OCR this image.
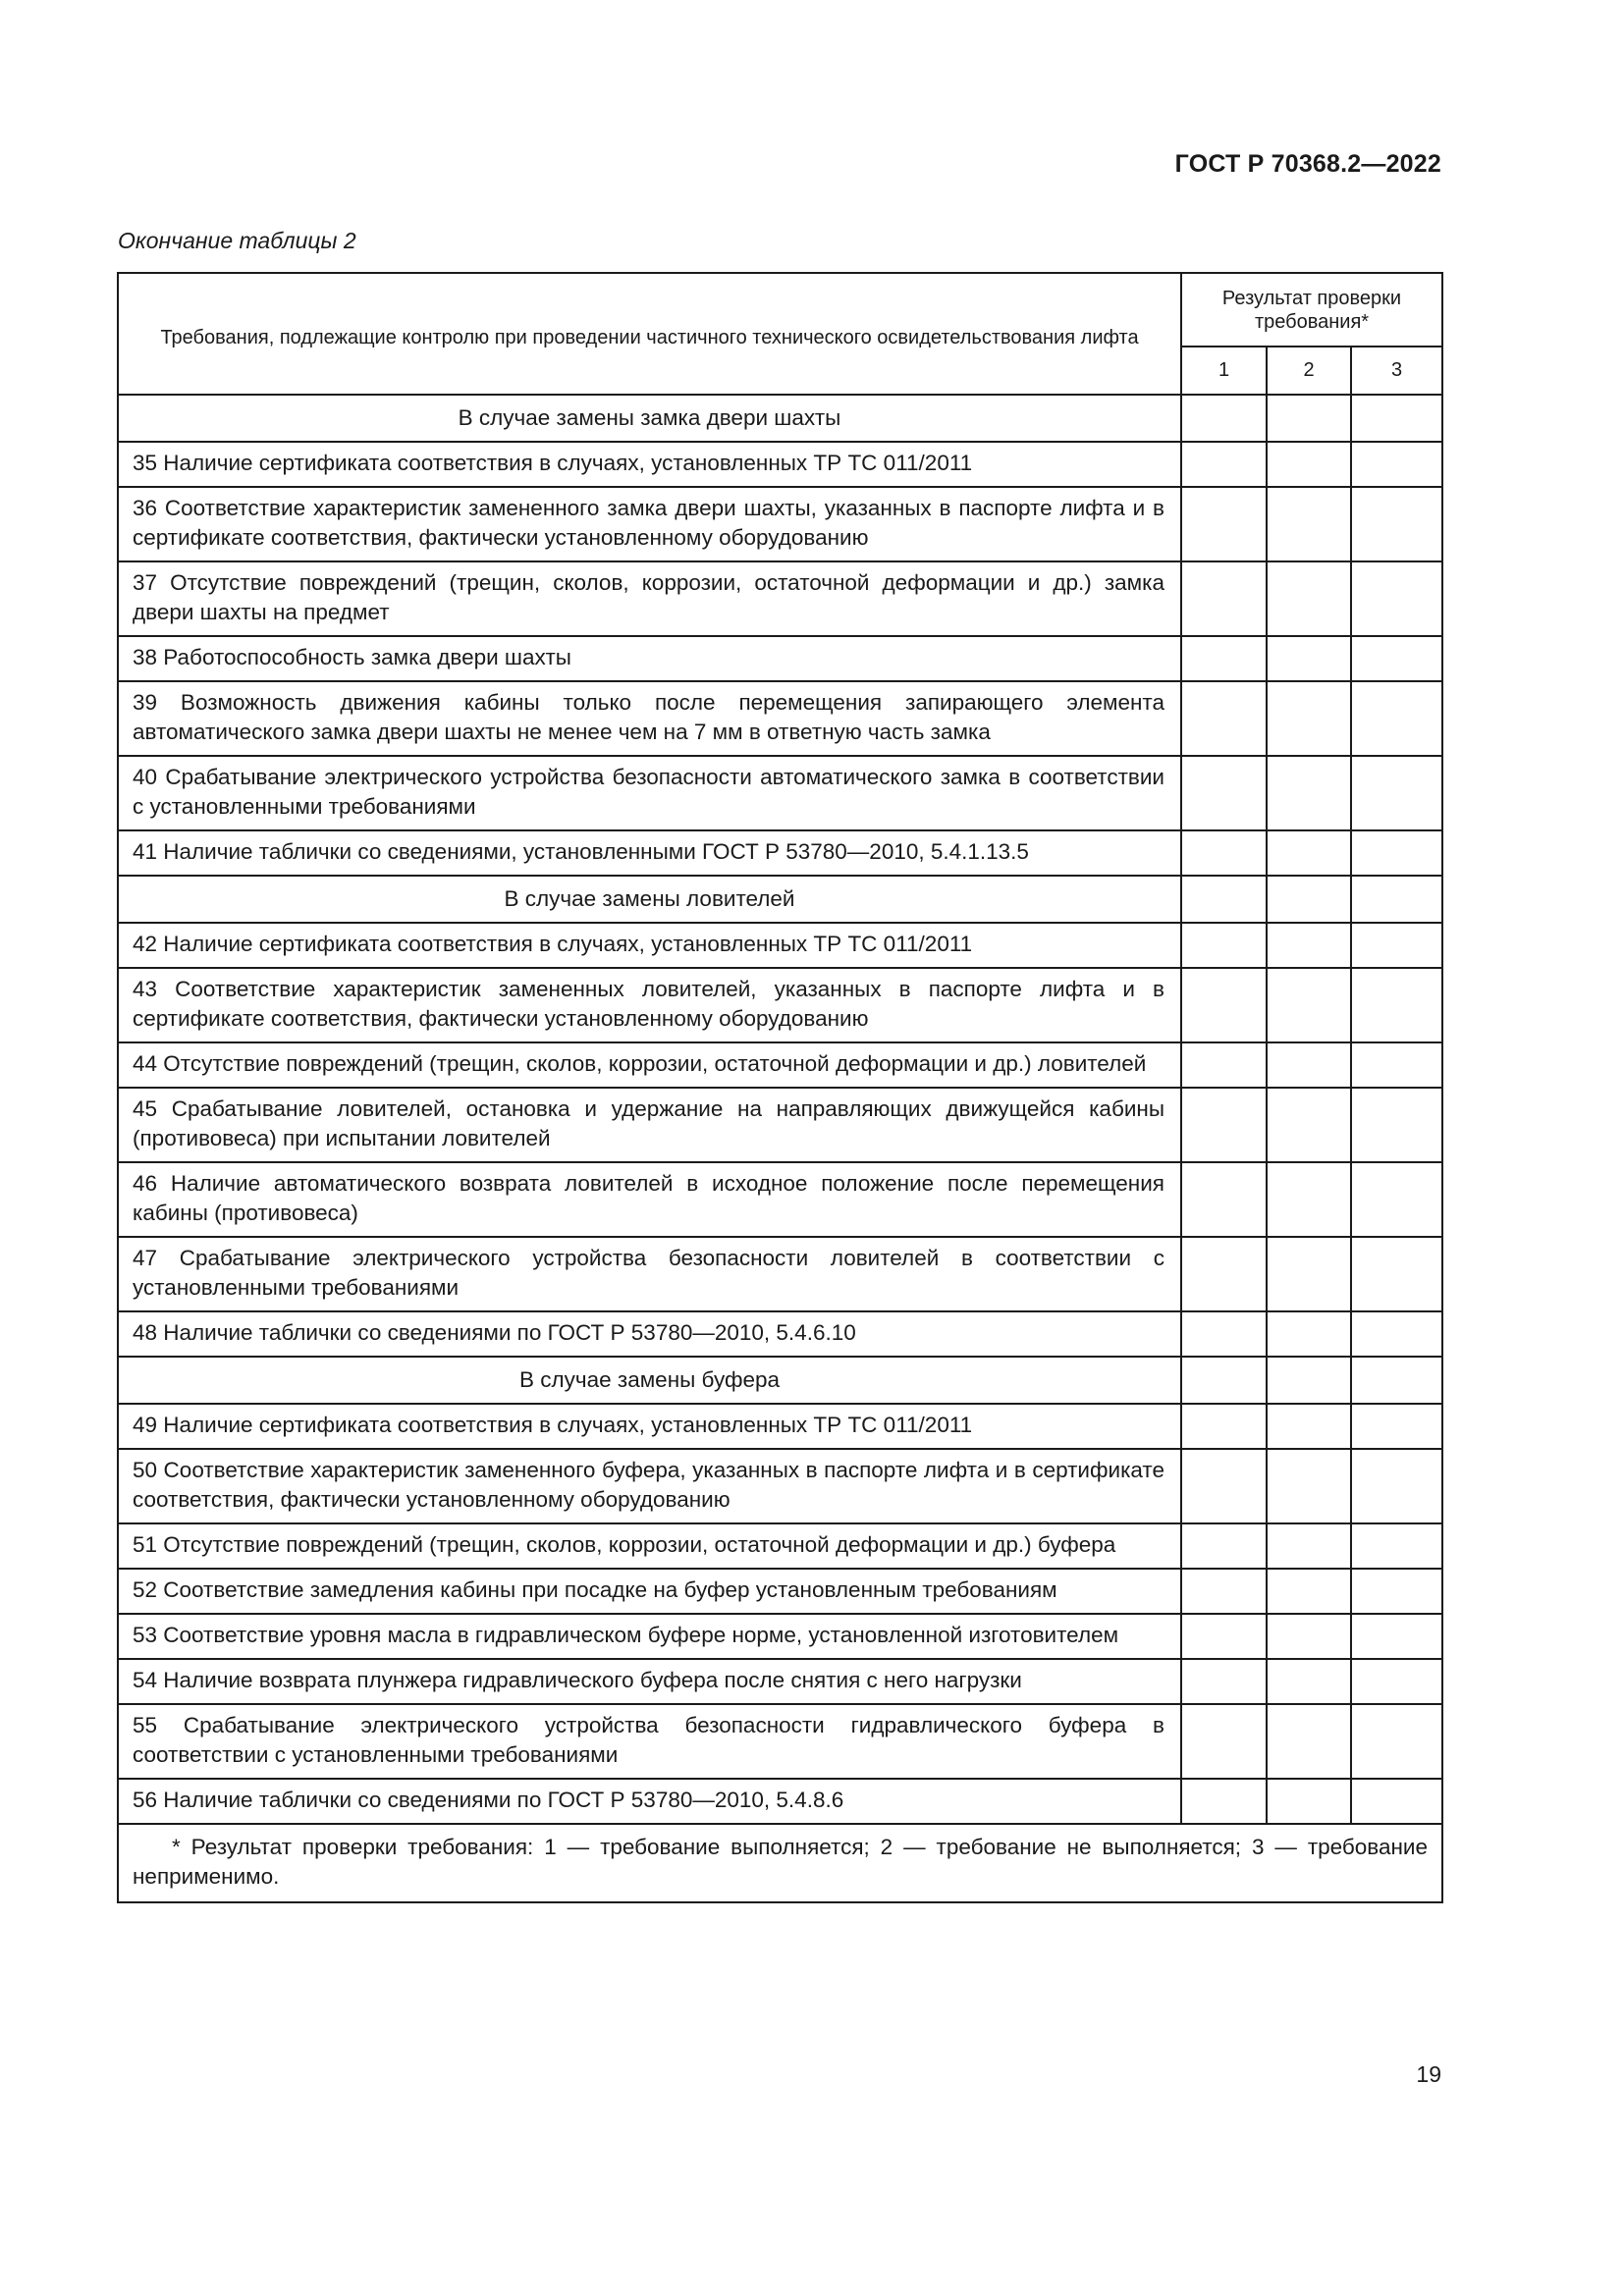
ГОСТ Р 70368.2—2022
Окончание таблицы 2
Требования, подлежащие контролю при проведении частичного технического освидетельствования лифта	Результат проверки требования*		
	1	2	3
В случае замены замка двери шахты			
35 Наличие сертификата соответствия в случаях, установленных ТР ТС 011/2011			
36 Соответствие характеристик замененного замка двери шахты, указанных в паспорте лифта и в сертификате соответствия, фактически установленному оборудованию			
37 Отсутствие повреждений (трещин, сколов, коррозии, остаточной деформации и др.) замка двери шахты на предмет			
38 Работоспособность замка двери шахты			
39 Возможность движения кабины только после перемещения запирающего элемента автоматического замка двери шахты не менее чем на 7 мм в ответную часть замка			
40 Срабатывание электрического устройства безопасности автоматического замка в соответствии с установленными требованиями			
41 Наличие таблички со сведениями, установленными ГОСТ Р 53780—2010, 5.4.1.13.5			
В случае замены ловителей			
42 Наличие сертификата соответствия в случаях, установленных ТР ТС 011/2011			
43 Соответствие характеристик замененных ловителей, указанных в паспорте лифта и в сертификате соответствия, фактически установленному оборудованию			
44 Отсутствие повреждений (трещин, сколов, коррозии, остаточной деформации и др.) ловителей			
45 Срабатывание ловителей, остановка и удержание на направляющих движущейся кабины (противовеса) при испытании ловителей			
46 Наличие автоматического возврата ловителей в исходное положение после перемещения кабины (противовеса)			
47 Срабатывание электрического устройства безопасности ловителей в соответствии с установленными требованиями			
48 Наличие таблички со сведениями по ГОСТ Р 53780—2010, 5.4.6.10			
В случае замены буфера			
49 Наличие сертификата соответствия в случаях, установленных ТР ТС 011/2011			
50 Соответствие характеристик замененного буфера, указанных в паспорте лифта и в сертификате соответствия, фактически установленному оборудованию			
51 Отсутствие повреждений (трещин, сколов, коррозии, остаточной деформации и др.) буфера			
52 Соответствие замедления кабины при посадке на буфер установленным требованиям			
53 Соответствие уровня масла в гидравлическом буфере норме, установленной изготовителем			
54 Наличие возврата плунжера гидравлического буфера после снятия с него нагрузки			
55 Срабатывание электрического устройства безопасности гидравлического буфера в соответствии с установленными требованиями			
56 Наличие таблички со сведениями по ГОСТ Р 53780—2010, 5.4.8.6			
* Результат проверки требования: 1 — требование выполняется; 2 — требование не выполняется; 3 — требование неприменимо.			
19
